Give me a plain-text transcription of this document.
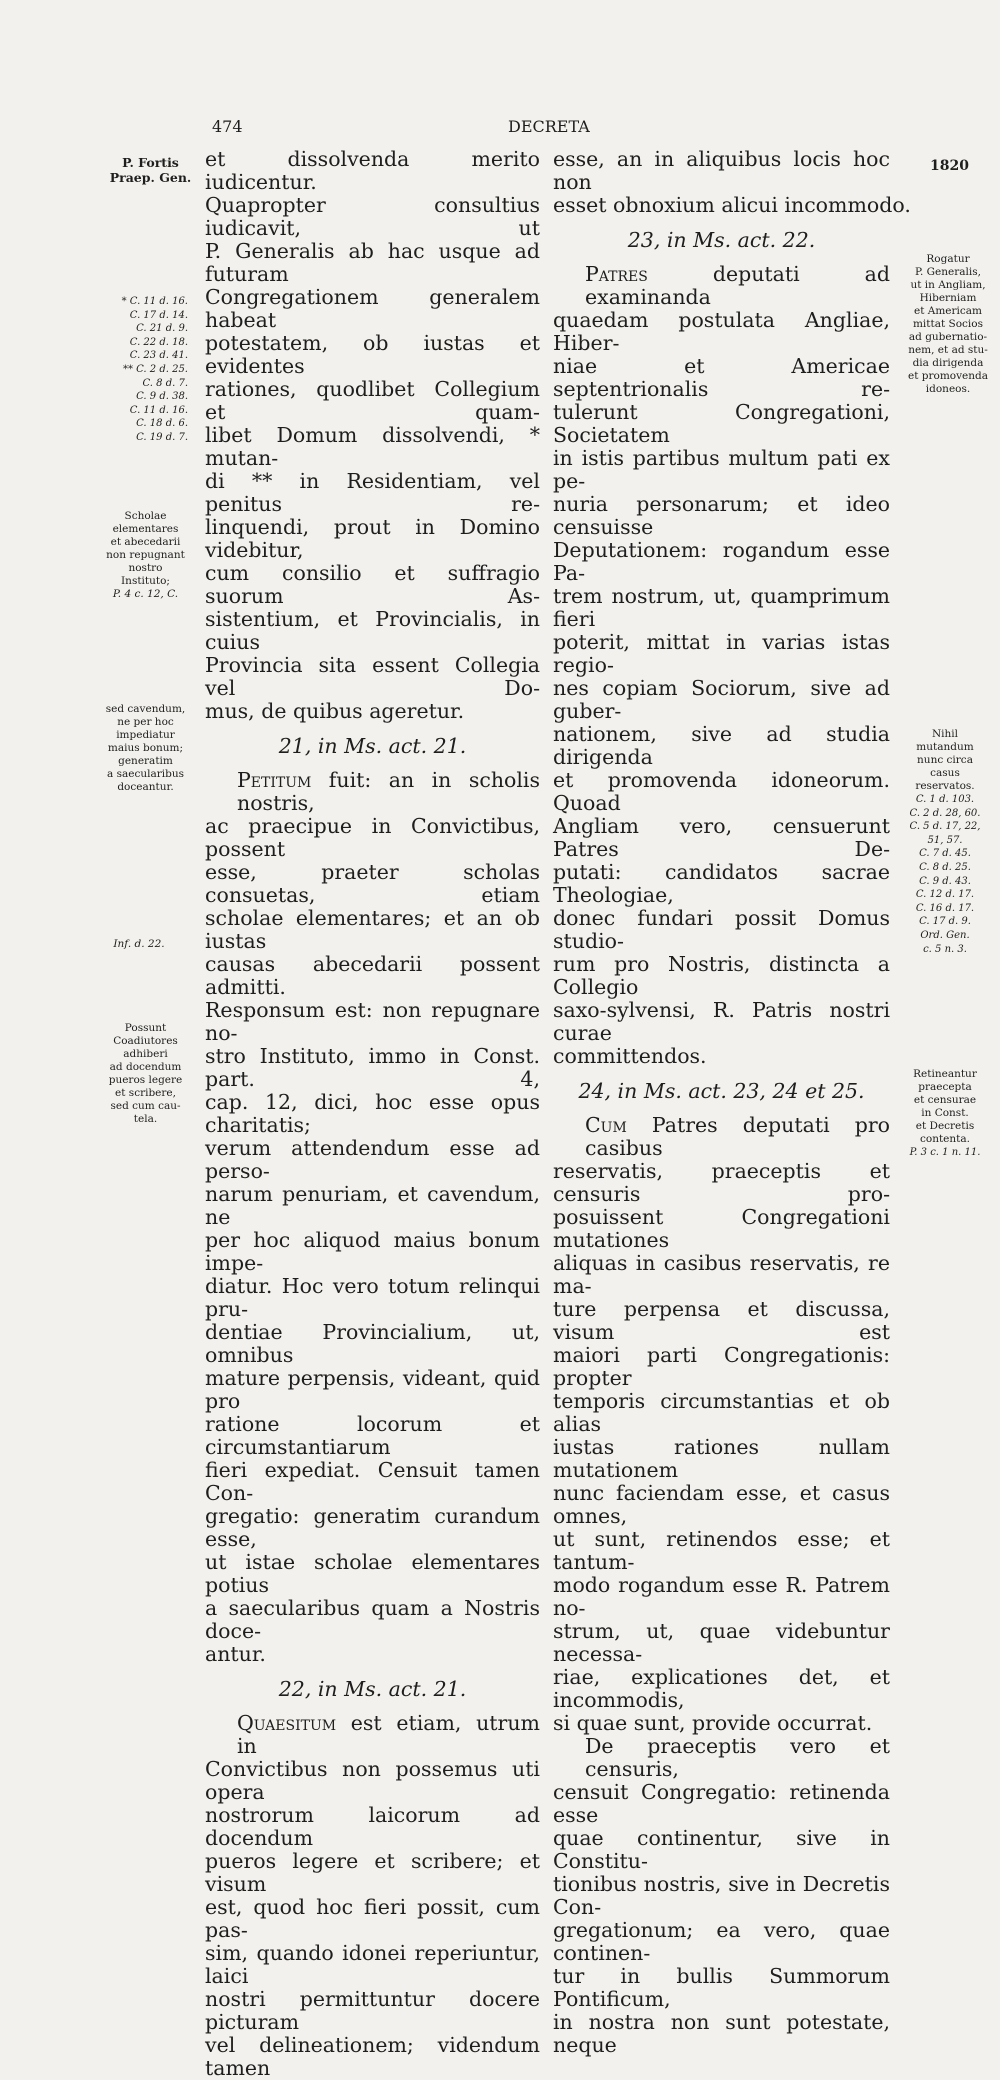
474	DECRETA
1820
P. Fortis
Praep. Gen.
* C. 11 d. 16.
C. 17 d. 14.
C. 21 d. 9.
C. 22 d. 18.
C. 23 d. 41.
** C. 2 d. 25.
C. 8 d. 7.
C. 9 d. 38.
C. 11 d. 16.
C. 18 d. 6.
C. 19 d. 7.
Scholae
elementares
et abecedarii
non repugnant
nostro
Instituto;
P. 4 c. 12, C.
sed cavendum,
ne per hoc
impediatur
maius bonum;
generatim
a saecularibus
doceantur.
Inf. d. 22.
Possunt
Coadiutores
adhiberi
ad docendum
pueros legere
et scribere,
sed cum cau-
tela.
Rogatur
P. Generalis,
ut in Angliam,
Hiberniam
et Americam
mittat Socios
ad gubernatio-
nem, et ad stu-
dia dirigenda
et promovenda
idoneos.
Nihil
mutandum
nunc circa
casus
reservatos.
C. 1 d. 103.
C. 2 d. 28, 60.
C. 5 d. 17, 22,
51, 57.
C. 7 d. 45.
C. 8 d. 25.
C. 9 d. 43.
C. 12 d. 17.
C. 16 d. 17.
C. 17 d. 9.
Ord. Gen.
c. 5 n. 3.
Retineantur
praecepta
et censurae
in Const.
et Decretis
contenta.
P. 3 c. 1 n. 11.
et dissolvenda merito iudicentur.
Quapropter consultius iudicavit, ut
P. Generalis ab hac usque ad futuram
Congregationem generalem habeat
potestatem, ob iustas et evidentes
rationes, quodlibet Collegium et quam-
libet Domum dissolvendi, * mutan-
di ** in Residentiam, vel penitus re-
linquendi, prout in Domino videbitur,
cum consilio et suffragio suorum As-
sistentium, et Provincialis, in cuius
Provincia sita essent Collegia vel Do-
mus, de quibus ageretur.
21, in Ms. act. 21.
Petitum fuit: an in scholis nostris,
ac praecipue in Convictibus, possent
esse, praeter scholas consuetas, etiam
scholae elementares; et an ob iustas
causas abecedarii possent admitti.
Responsum est: non repugnare no-
stro Instituto, immo in Const. part. 4,
cap. 12, dici, hoc esse opus charitatis;
verum attendendum esse ad perso-
narum penuriam, et cavendum, ne
per hoc aliquod maius bonum impe-
diatur. Hoc vero totum relinqui pru-
dentiae Provincialium, ut, omnibus
mature perpensis, videant, quid pro
ratione locorum et circumstantiarum
fieri expediat. Censuit tamen Con-
gregatio: generatim curandum esse,
ut istae scholae elementares potius
a saecularibus quam a Nostris doce-
antur.
22, in Ms. act. 21.
Quaesitum est etiam, utrum in
Convictibus non possemus uti opera
nostrorum laicorum ad docendum
pueros legere et scribere; et visum
est, quod hoc fieri possit, cum pas-
sim, quando idonei reperiuntur, laici
nostri permittuntur docere picturam
vel delineationem; videndum tamen
esse, an in aliquibus locis hoc non
esset obnoxium alicui incommodo.
23, in Ms. act. 22.
Patres deputati ad examinanda
quaedam postulata Angliae, Hiber-
niae et Americae septentrionalis re-
tulerunt Congregationi, Societatem
in istis partibus multum pati ex pe-
nuria personarum; et ideo censuisse
Deputationem: rogandum esse Pa-
trem nostrum, ut, quamprimum fieri
poterit, mittat in varias istas regio-
nes copiam Sociorum, sive ad guber-
nationem, sive ad studia dirigenda
et promovenda idoneorum. Quoad
Angliam vero, censuerunt Patres De-
putati: candidatos sacrae Theologiae,
donec fundari possit Domus studio-
rum pro Nostris, distincta a Collegio
saxo-sylvensi, R. Patris nostri curae
committendos.
24, in Ms. act. 23, 24 et 25.
Cum Patres deputati pro casibus
reservatis, praeceptis et censuris pro-
posuissent Congregationi mutationes
aliquas in casibus reservatis, re ma-
ture perpensa et discussa, visum est
maiori parti Congregationis: propter
temporis circumstantias et ob alias
iustas rationes nullam mutationem
nunc faciendam esse, et casus omnes,
ut sunt, retinendos esse; et tantum-
modo rogandum esse R. Patrem no-
strum, ut, quae videbuntur necessa-
riae, explicationes det, et incommodis,
si quae sunt, provide occurrat.
De praeceptis vero et censuris,
censuit Congregatio: retinenda esse
quae continentur, sive in Constitu-
tionibus nostris, sive in Decretis Con-
gregationum; ea vero, quae continen-
tur in bullis Summorum Pontificum,
in nostra non sunt potestate, neque
